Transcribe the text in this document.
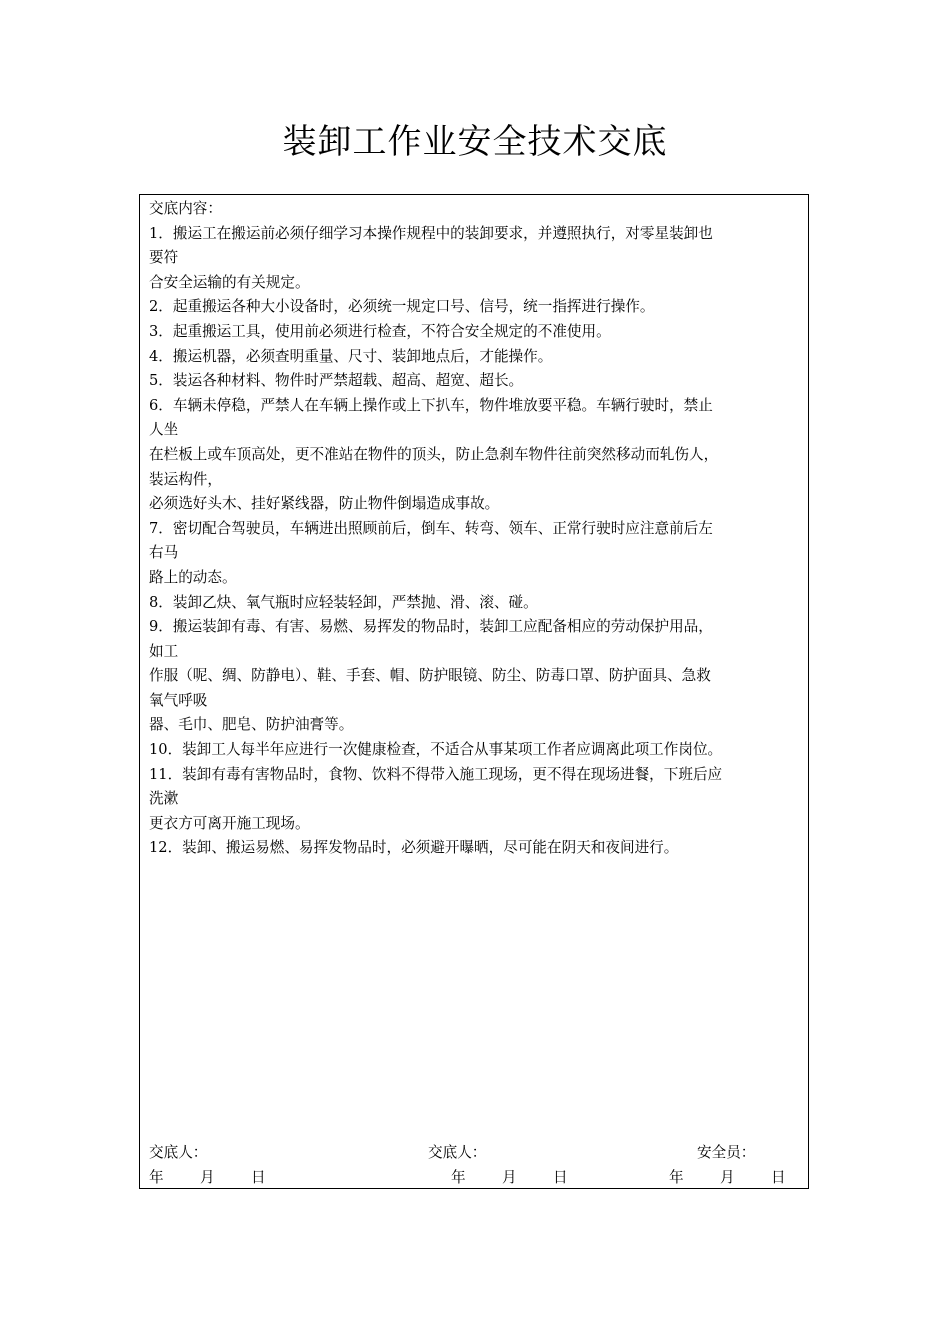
装卸工作业安全技术交底
交底内容：
1．搬运工在搬运前必须仔细学习本操作规程中的装卸要求，并遵照执行，对零星装卸也
要符
合安全运输的有关规定。
2．起重搬运各种大小设备时，必须统一规定口号、信号，统一指挥进行操作。
3．起重搬运工具，使用前必须进行检查，不符合安全规定的不准使用。
4．搬运机器，必须查明重量、尺寸、装卸地点后，才能操作。
5．装运各种材料、物件时严禁超载、超高、超宽、超长。
6．车辆未停稳，严禁人在车辆上操作或上下扒车，物件堆放要平稳。车辆行驶时，禁止
人坐
在栏板上或车顶高处，更不准站在物件的顶头，防止急刹车物件往前突然移动而轧伤人，
装运构件，
必须选好头木、挂好紧线器，防止物件倒塌造成事故。
7．密切配合驾驶员，车辆进出照顾前后，倒车、转弯、领车、正常行驶时应注意前后左
右马
路上的动态。
8．装卸乙炔、氧气瓶时应轻装轻卸，严禁抛、滑、滚、碰。
9．搬运装卸有毒、有害、易燃、易挥发的物品时，装卸工应配备相应的劳动保护用品，
如工
作服（呢、绸、防静电）、鞋、手套、帽、防护眼镜、防尘、防毒口罩、防护面具、急救
氧气呼吸
器、毛巾、肥皂、防护油膏等。
10．装卸工人每半年应进行一次健康检查，不适合从事某项工作者应调离此项工作岗位。
11．装卸有毒有害物品时，食物、饮料不得带入施工现场，更不得在现场进餐，下班后应
洗漱
更衣方可离开施工现场。
12．装卸、搬运易燃、易挥发物品时，必须避开曝晒，尽可能在阴天和夜间进行。
交底人：	交底人：	安全员：
年 月 日	年 月 日	年 月 日
